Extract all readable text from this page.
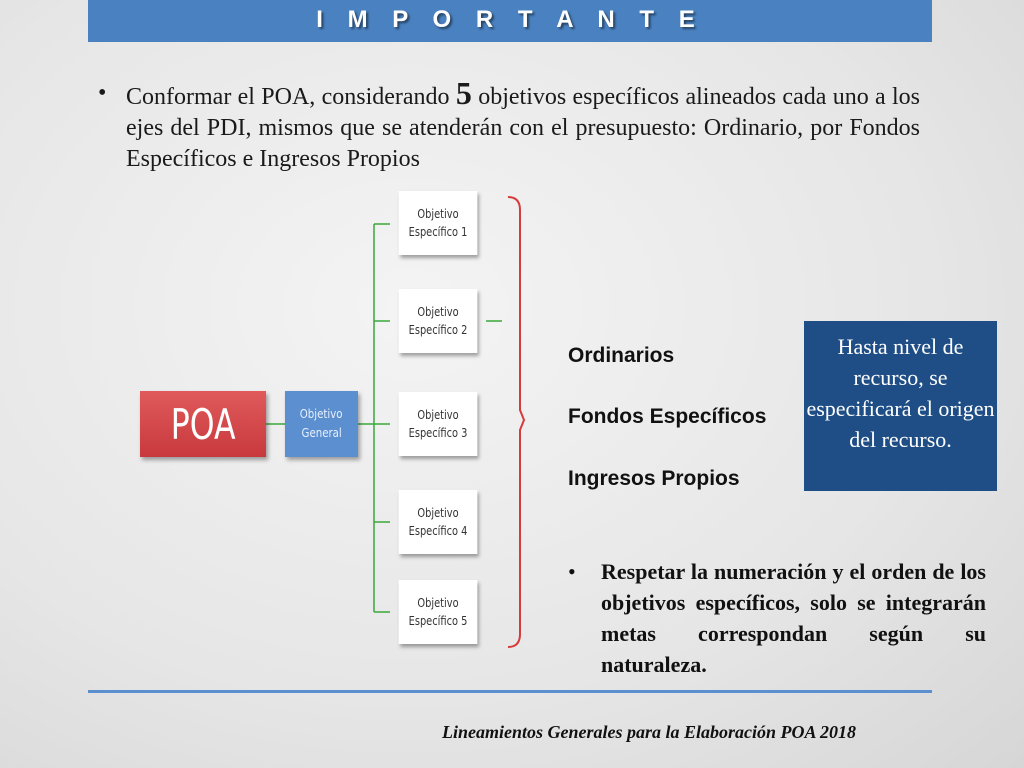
I M P O R T A N T E
• Conformar el POA, considerando 5 objetivos específicos alineados cada uno a los ejes del PDI, mismos que se atenderán con el presupuesto: Ordinario, por Fondos Específicos e Ingresos Propios
POA	Objetivo
General
Objetivo
Específico 1
Objetivo
Específico 2
Objetivo
Específico 3
Objetivo
Específico 4
Objetivo
Específico 5
Ordinarios
Fondos Específicos
Ingresos Propios
Hasta nivel de recurso, se especificará el origen del recurso.
• Respetar la numeración y el orden de los objetivos específicos, solo se integrarán metas correspondan según su naturaleza.
Lineamientos Generales para la Elaboración POA 2018
